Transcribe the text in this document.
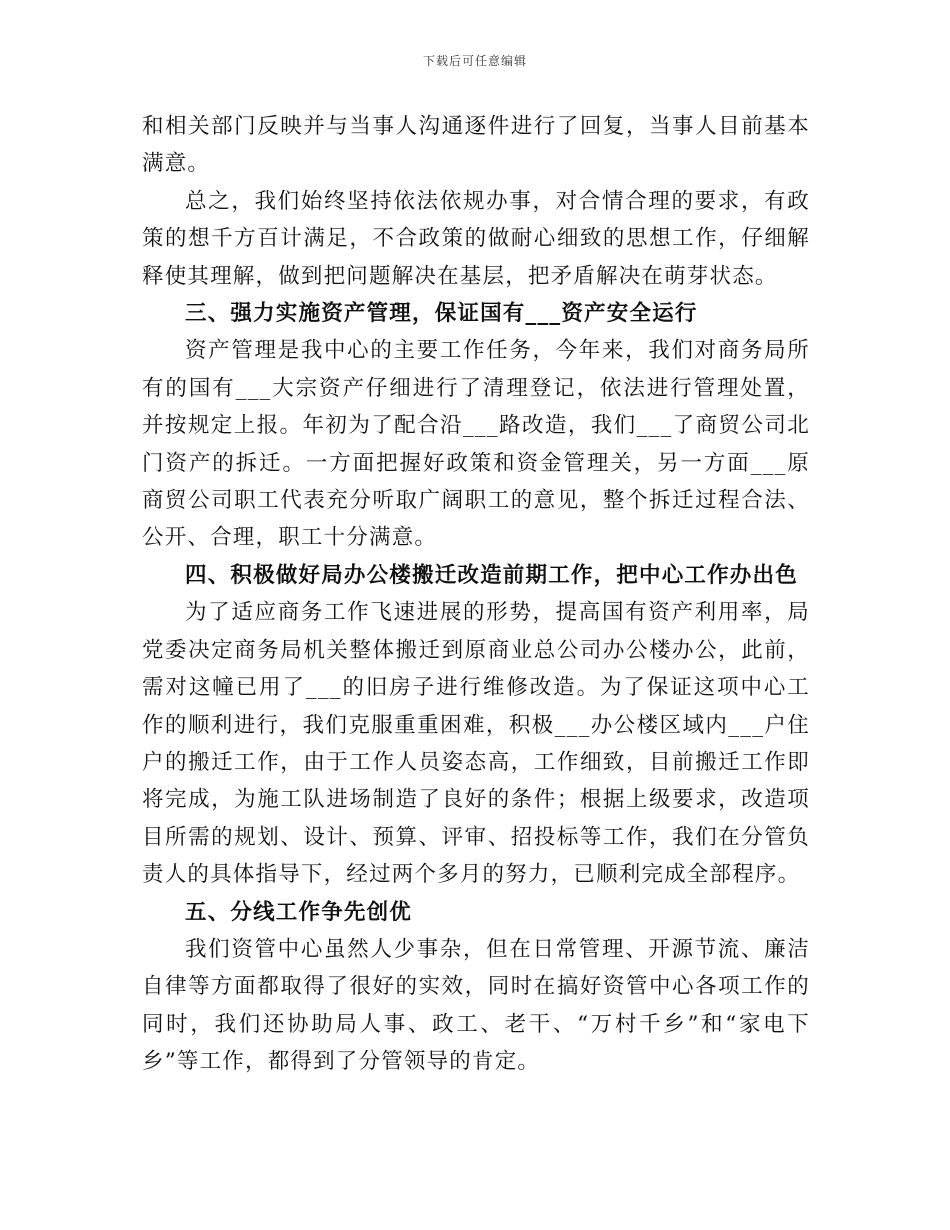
下载后可任意编辑

和相关部门反映并与当事人沟通逐件进行了回复，当事人目前基本满意。

总之，我们始终坚持依法依规办事，对合情合理的要求，有政策的想千方百计满足，不合政策的做耐心细致的思想工作，仔细解释使其理解，做到把问题解决在基层，把矛盾解决在萌芽状态。

三、强力实施资产管理，保证国有___资产安全运行

资产管理是我中心的主要工作任务，今年来，我们对商务局所有的国有___大宗资产仔细进行了清理登记，依法进行管理处置，并按规定上报。年初为了配合沿___路改造，我们___了商贸公司北门资产的拆迁。一方面把握好政策和资金管理关，另一方面___原商贸公司职工代表充分听取广阔职工的意见，整个拆迁过程合法、公开、合理，职工十分满意。

四、积极做好局办公楼搬迁改造前期工作，把中心工作办出色

为了适应商务工作飞速进展的形势，提高国有资产利用率，局党委决定商务局机关整体搬迁到原商业总公司办公楼办公，此前，需对这幢已用了___的旧房子进行维修改造。为了保证这项中心工作的顺利进行，我们克服重重困难，积极___办公楼区域内___户住户的搬迁工作，由于工作人员姿态高，工作细致，目前搬迁工作即将完成，为施工队进场制造了良好的条件；根据上级要求，改造项目所需的规划、设计、预算、评审、招投标等工作，我们在分管负责人的具体指导下，经过两个多月的努力，已顺利完成全部程序。

五、分线工作争先创优

我们资管中心虽然人少事杂，但在日常管理、开源节流、廉洁自律等方面都取得了很好的实效，同时在搞好资管中心各项工作的同时，我们还协助局人事、政工、老干、“万村千乡”和“家电下乡”等工作，都得到了分管领导的肯定。
